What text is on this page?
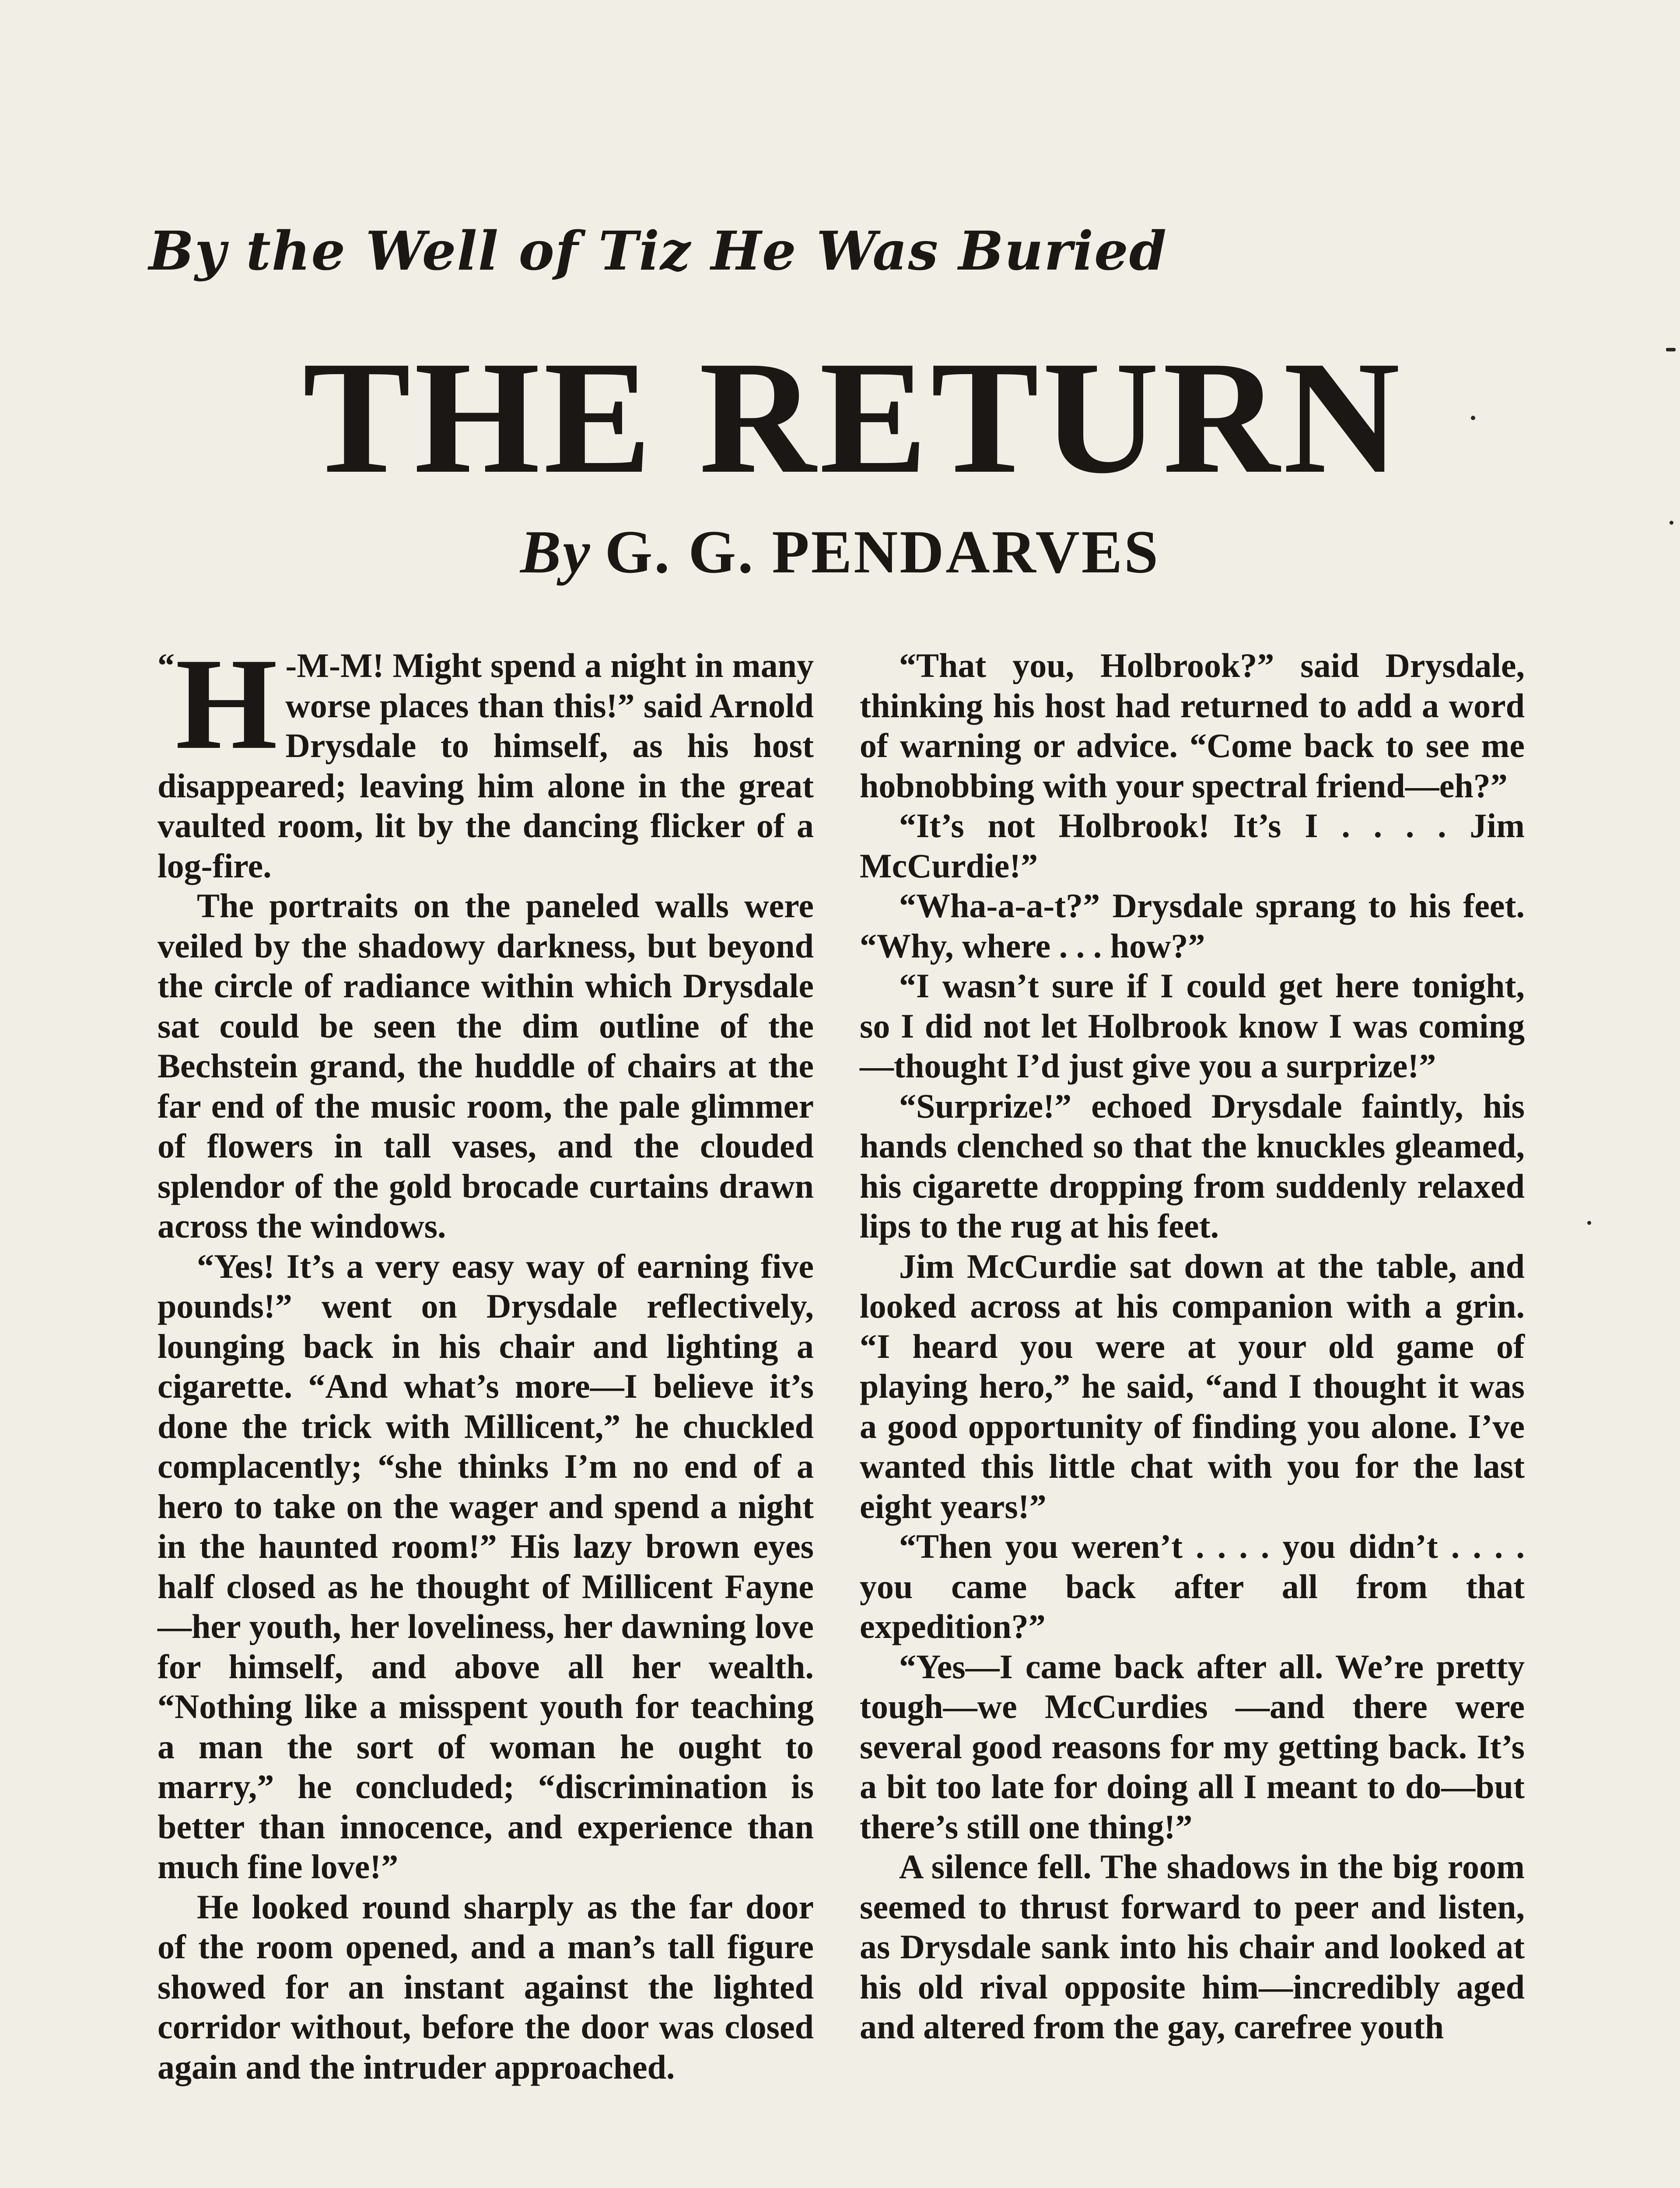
By the Well of Tiz He Was Buried
THE RETURN
By G. G. PENDARVES

“ H -M-M! Might spend a night in many worse places than this!” said Arnold Drysdale to himself, as his host disappeared; leaving him alone in the great vaulted room, lit by the dancing flicker of a log-fire.

The portraits on the paneled walls were veiled by the shadowy darkness, but beyond the circle of radiance within which Drysdale sat could be seen the dim outline of the Bechstein grand, the huddle of chairs at the far end of the music room, the pale glimmer of flowers in tall vases, and the clouded splendor of the gold brocade curtains drawn across the windows.

“Yes! It’s a very easy way of earning five pounds!” went on Drysdale reflectively, lounging back in his chair and lighting a cigarette. “And what’s more—I believe it’s done the trick with Millicent,” he chuckled complacently; “she thinks I’m no end of a hero to take on the wager and spend a night in the haunted room!” His lazy brown eyes half closed as he thought of Millicent Fayne—her youth, her loveliness, her dawning love for himself, and above all her wealth. “Nothing like a misspent youth for teaching a man the sort of woman he ought to marry,” he concluded; “discrimination is better than innocence, and experience than much fine love!”

He looked round sharply as the far door of the room opened, and a man’s tall figure showed for an instant against the lighted corridor without, before the door was closed again and the intruder approached.

“That you, Holbrook?” said Drysdale, thinking his host had returned to add a word of warning or advice. “Come back to see me hobnobbing with your spectral friend—eh?”

“It’s not Holbrook! It’s I . . . . Jim McCurdie!”

“Wha-a-a-t?” Drysdale sprang to his feet. “Why, where . . . how?”

“I wasn’t sure if I could get here tonight, so I did not let Holbrook know I was coming—thought I’d just give you a surprize!”

“Surprize!” echoed Drysdale faintly, his hands clenched so that the knuckles gleamed, his cigarette dropping from suddenly relaxed lips to the rug at his feet.

Jim McCurdie sat down at the table, and looked across at his companion with a grin. “I heard you were at your old game of playing hero,” he said, “and I thought it was a good opportunity of finding you alone. I’ve wanted this little chat with you for the last eight years!”

“Then you weren’t . . . . you didn’t . . . . you came back after all from that expedition?”

“Yes—I came back after all. We’re pretty tough—we McCurdies —and there were several good reasons for my getting back. It’s a bit too late for doing all I meant to do—but there’s still one thing!”

A silence fell. The shadows in the big room seemed to thrust forward to peer and listen, as Drysdale sank into his chair and looked at his old rival opposite him—incredibly aged and altered from the gay, carefree youth
